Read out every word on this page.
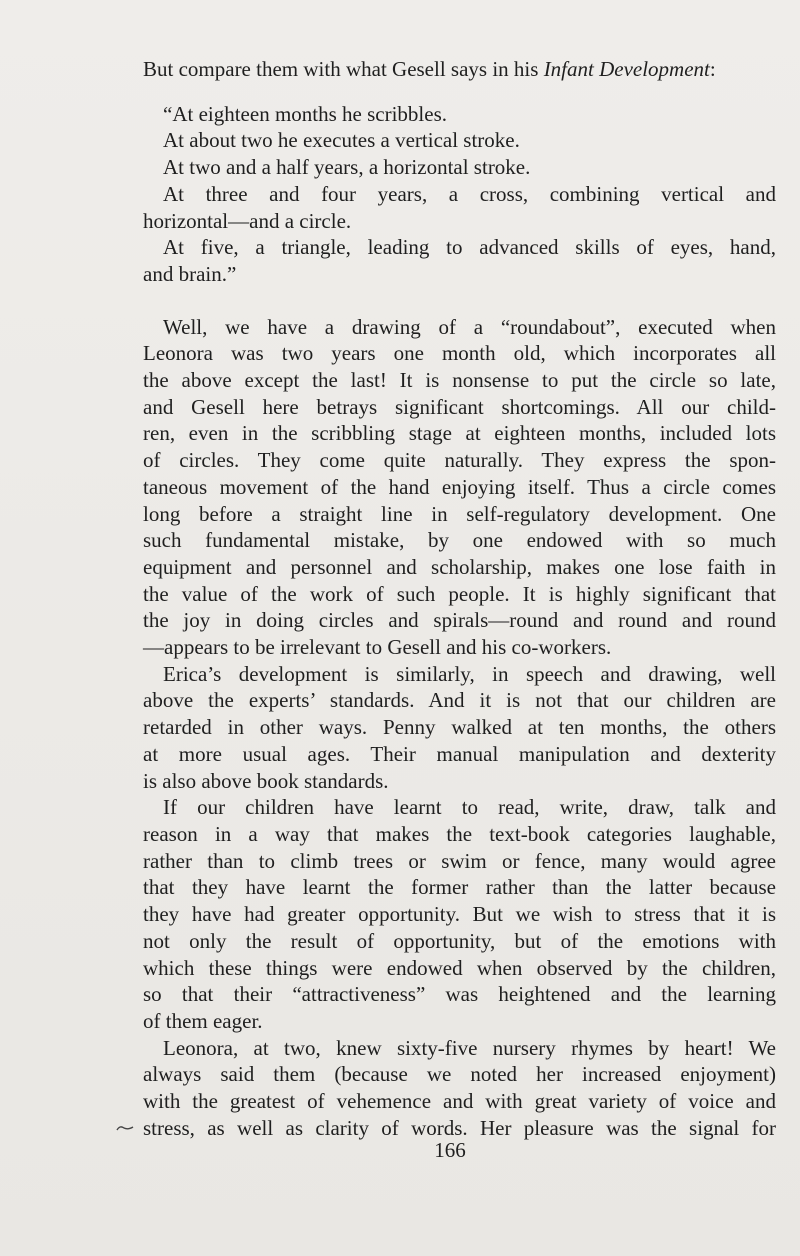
But compare them with what Gesell says in his Infant Development:
“At eighteen months he scribbles.
At about two he executes a vertical stroke.
At two and a half years, a horizontal stroke.
At three and four years, a cross, combining vertical and
horizontal—and a circle.
At five, a triangle, leading to advanced skills of eyes, hand,
and brain.”
Well, we have a drawing of a “roundabout”, executed when
Leonora was two years one month old, which incorporates all
the above except the last! It is nonsense to put the circle so late,
and Gesell here betrays significant shortcomings. All our child-
ren, even in the scribbling stage at eighteen months, included lots
of circles. They come quite naturally. They express the spon-
taneous movement of the hand enjoying itself. Thus a circle comes
long before a straight line in self-regulatory development. One
such fundamental mistake, by one endowed with so much
equipment and personnel and scholarship, makes one lose faith in
the value of the work of such people. It is highly significant that
the joy in doing circles and spirals—round and round and round
—appears to be irrelevant to Gesell and his co-workers.
Erica’s development is similarly, in speech and drawing, well
above the experts’ standards. And it is not that our children are
retarded in other ways. Penny walked at ten months, the others
at more usual ages. Their manual manipulation and dexterity
is also above book standards.
If our children have learnt to read, write, draw, talk and
reason in a way that makes the text-book categories laughable,
rather than to climb trees or swim or fence, many would agree
that they have learnt the former rather than the latter because
they have had greater opportunity. But we wish to stress that it is
not only the result of opportunity, but of the emotions with
which these things were endowed when observed by the children,
so that their “attractiveness” was heightened and the learning
of them eager.
Leonora, at two, knew sixty-five nursery rhymes by heart! We
always said them (because we noted her increased enjoyment)
with the greatest of vehemence and with great variety of voice and
stress, as well as clarity of words. Her pleasure was the signal for
166
